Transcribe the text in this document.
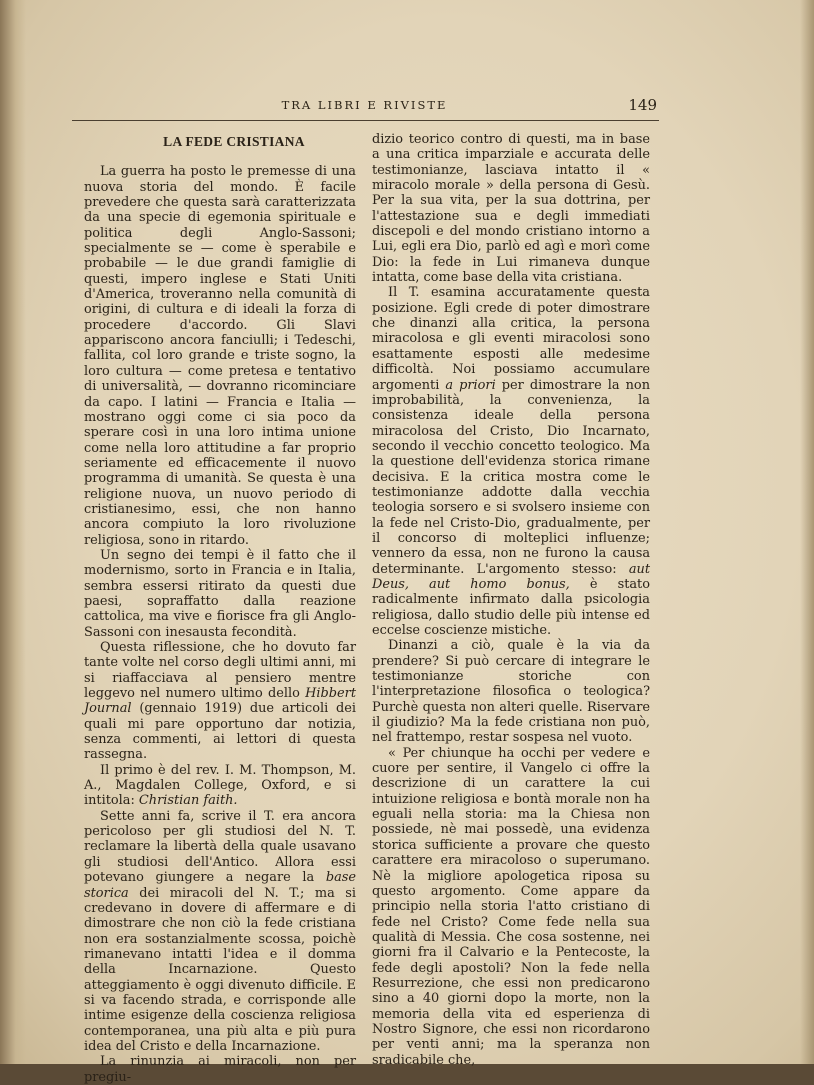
TRA LIBRI E RIVISTE	149
LA FEDE CRISTIANA

La guerra ha posto le premesse di una nuova storia del mondo. È facile prevedere che questa sarà caratterizzata da una specie di egemonia spirituale e politica degli Anglo-Sassoni; specialmente se — come è sperabile e probabile — le due grandi famiglie di questi, impero inglese e Stati Uniti d'America, troveranno nella comunità di origini, di cultura e di ideali la forza di procedere d'accordo. Gli Slavi appariscono ancora fanciulli; i Tedeschi, fallita, col loro grande e triste sogno, la loro cultura — come pretesa e tentativo di universalità, — dovranno ricominciare da capo. I latini — Francia e Italia — mostrano oggi come ci sia poco da sperare così in una loro intima unione come nella loro attitudine a far proprio seriamente ed efficacemente il nuovo programma di umanità. Se questa è una religione nuova, un nuovo periodo di cristianesimo, essi, che non hanno ancora compiuto la loro rivoluzione religiosa, sono in ritardo.

Un segno dei tempi è il fatto che il modernismo, sorto in Francia e in Italia, sembra essersi ritirato da questi due paesi, sopraffatto dalla reazione cattolica, ma vive e fiorisce fra gli Anglo-Sassoni con inesausta fecondità.

Questa riflessione, che ho dovuto far tante volte nel corso degli ultimi anni, mi si riaffacciava al pensiero mentre leggevo nel numero ultimo dello Hibbert Journal (gennaio 1919) due articoli dei quali mi pare opportuno dar notizia, senza commenti, ai lettori di questa rassegna.

Il primo è del rev. I. M. Thompson, M. A., Magdalen College, Oxford, e si intitola: Christian faith.

Sette anni fa, scrive il T. era ancora pericoloso per gli studiosi del N. T. reclamare la libertà della quale usavano gli studiosi dell'Antico. Allora essi potevano giungere a negare la base storica dei miracoli del N. T.; ma si credevano in dovere di affermare e di dimostrare che non ciò la fede cristiana non era sostanzialmente scossa, poichè rimanevano intatti l'idea e il domma della Incarnazione. Questo atteggiamento è oggi divenuto difficile. E si va facendo strada, e corrisponde alle intime esigenze della coscienza religiosa contemporanea, una più alta e più pura idea del Cristo e della Incarnazione.

La rinunzia ai miracoli, non per pregiu-

dizio teorico contro di questi, ma in base a una critica imparziale e accurata delle testimonianze, lasciava intatto il « miracolo morale » della persona di Gesù. Per la sua vita, per la sua dottrina, per l'attestazione sua e degli immediati discepoli e del mondo cristiano intorno a Lui, egli era Dio, parlò ed agì e morì come Dio: la fede in Lui rimaneva dunque intatta, come base della vita cristiana.

Il T. esamina accuratamente questa posizione. Egli crede di poter dimostrare che dinanzi alla critica, la persona miracolosa e gli eventi miracolosi sono esattamente esposti alle medesime difficoltà. Noi possiamo accumulare argomenti a priori per dimostrare la non improbabilità, la convenienza, la consistenza ideale della persona miracolosa del Cristo, Dio Incarnato, secondo il vecchio concetto teologico. Ma la questione dell'evidenza storica rimane decisiva. E la critica mostra come le testimonianze addotte dalla vecchia teologia sorsero e si svolsero insieme con la fede nel Cristo-Dio, gradualmente, per il concorso di molteplici influenze; vennero da essa, non ne furono la causa determinante. L'argomento stesso: aut Deus, aut homo bonus, è stato radicalmente infirmato dalla psicologia religiosa, dallo studio delle più intense ed eccelse coscienze mistiche.

Dinanzi a ciò, quale è la via da prendere? Si può cercare di integrare le testimonianze storiche con l'interpretazione filosofica o teologica? Purchè questa non alteri quelle. Riservare il giudizio? Ma la fede cristiana non può, nel frattempo, restar sospesa nel vuoto.

« Per chiunque ha occhi per vedere e cuore per sentire, il Vangelo ci offre la descrizione di un carattere la cui intuizione religiosa e bontà morale non ha eguali nella storia: ma la Chiesa non possiede, nè mai possedè, una evidenza storica sufficiente a provare che questo carattere era miracoloso o superumano. Nè la migliore apologetica riposa su questo argomento. Come appare da principio nella storia l'atto cristiano di fede nel Cristo? Come fede nella sua qualità di Messia. Che cosa sostenne, nei giorni fra il Calvario e la Pentecoste, la fede degli apostoli? Non la fede nella Resurrezione, che essi non predicarono sino a 40 giorni dopo la morte, non la memoria della vita ed esperienza di Nostro Signore, che essi non ricordarono per venti anni; ma la speranza non sradicabile che,
